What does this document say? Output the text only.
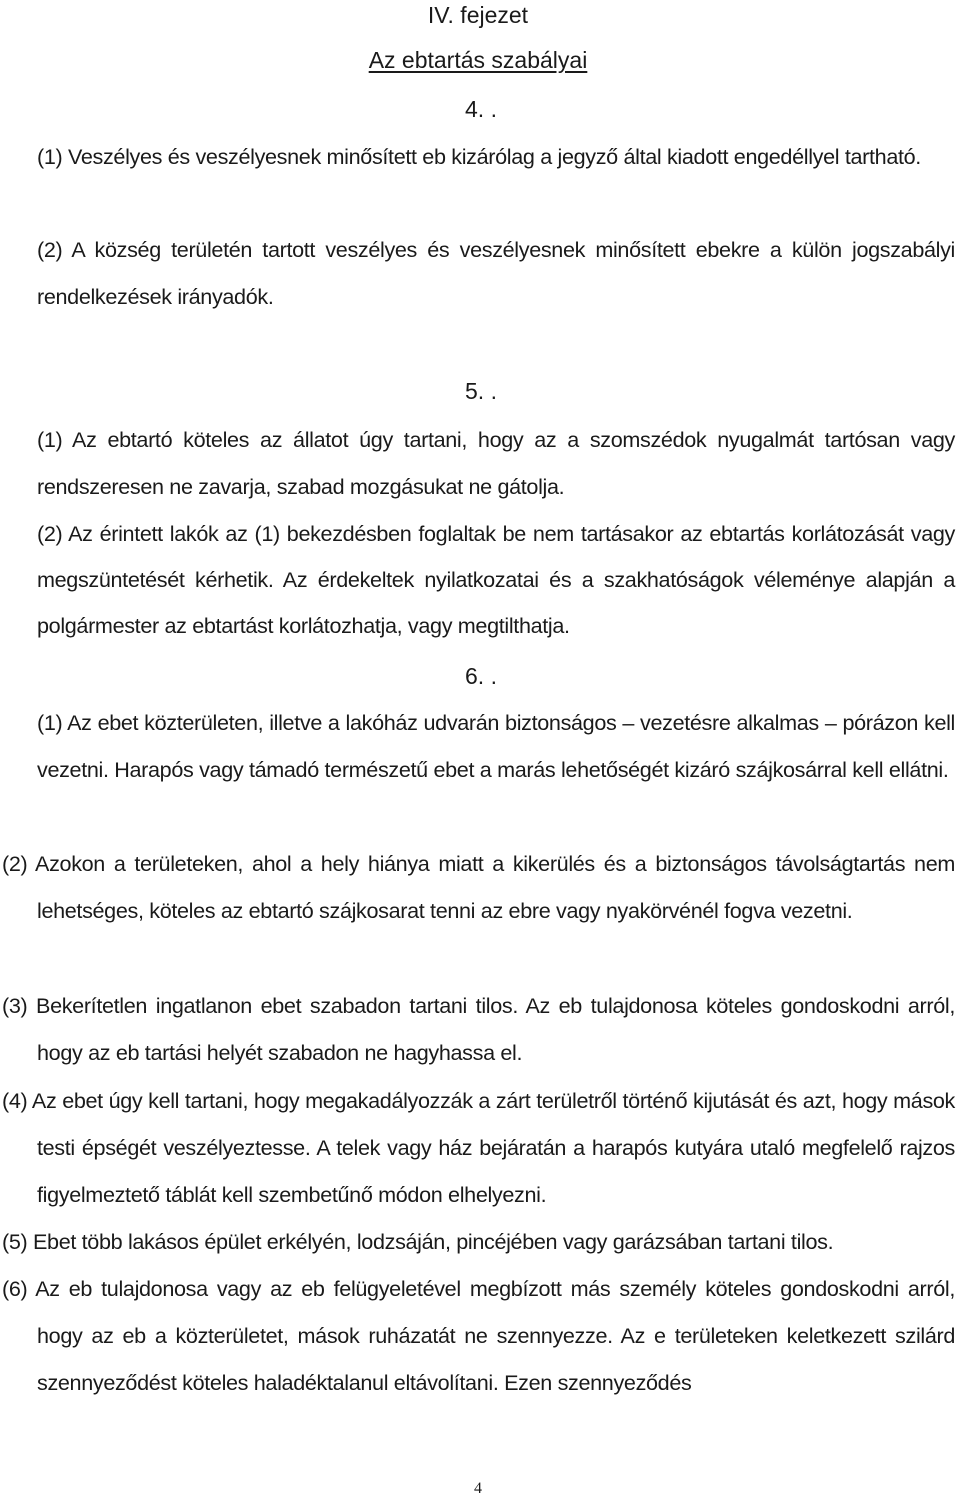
IV. fejezet
Az ebtartás szabályai
4. .
(1) Veszélyes és veszélyesnek minősített eb kizárólag a jegyző által kiadott engedéllyel tartható.
(2) A község területén tartott veszélyes és veszélyesnek minősített ebekre a külön jogszabályi rendelkezések irányadók.
5. .
(1) Az ebtartó köteles az állatot úgy tartani, hogy az a szomszédok nyugalmát tartósan vagy rendszeresen ne zavarja, szabad mozgásukat ne gátolja.
(2) Az érintett lakók az (1) bekezdésben foglaltak be nem tartásakor az ebtartás korlátozását vagy megszüntetését kérhetik. Az érdekeltek nyilatkozatai és a szakhatóságok véleménye alapján a polgármester az ebtartást korlátozhatja, vagy megtilthatja.
6. .
(1) Az ebet közterületen, illetve a lakóház udvarán biztonságos – vezetésre alkalmas – pórázon kell vezetni. Harapós vagy támadó természetű ebet a marás lehetőségét kizáró szájkosárral kell ellátni.
(2) Azokon a területeken, ahol a hely hiánya miatt a kikerülés és a biztonságos távolságtartás nem lehetséges, köteles az ebtartó szájkosarat tenni az ebre vagy nyakörvénél fogva vezetni.
(3) Bekerítetlen ingatlanon ebet szabadon tartani tilos. Az eb tulajdonosa köteles gondoskodni arról, hogy az eb tartási helyét szabadon ne hagyhassa el.
(4) Az ebet úgy kell tartani, hogy megakadályozzák a zárt területről történő kijutását és azt, hogy mások testi épségét veszélyeztesse. A telek vagy ház bejáratán a harapós kutyára utaló megfelelő rajzos figyelmeztető táblát kell szembetűnő módon elhelyezni.
(5) Ebet több lakásos épület erkélyén, lodzsáján, pincéjében vagy garázsában tartani tilos.
(6) Az eb tulajdonosa vagy az eb felügyeletével megbízott más személy köteles gondoskodni arról, hogy az eb a közterületet, mások ruházatát ne szennyezze. Az e területeken keletkezett szilárd szennyeződést köteles haladéktalanul eltávolítani. Ezen szennyeződés
4
